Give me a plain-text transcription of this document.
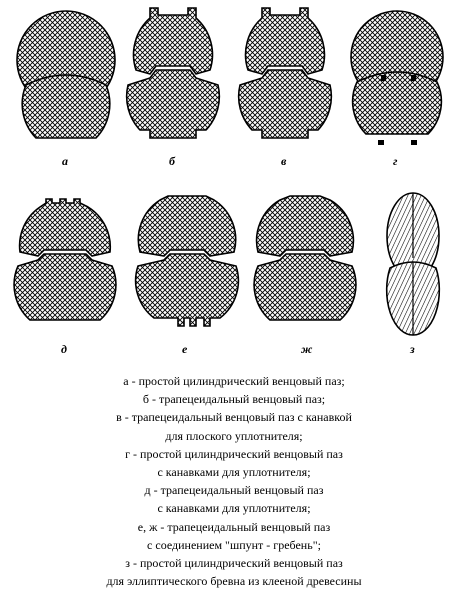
а	б	в	г
д	е	ж	з
а - простой цилиндрический венцовый паз;
б - трапецеидальный венцовый паз;
в - трапецеидальный венцовый паз с канавкой
для плоского уплотнителя;
г - простой цилиндрический венцовый паз
с канавками для уплотнителя;
д - трапецеидальный венцовый паз
с канавками для уплотнителя;
е, ж - трапецеидальный венцовый паз
с соединением "шпунт - гребень";
з - простой цилиндрический венцовый паз
для эллиптического бревна из клееной древесины
